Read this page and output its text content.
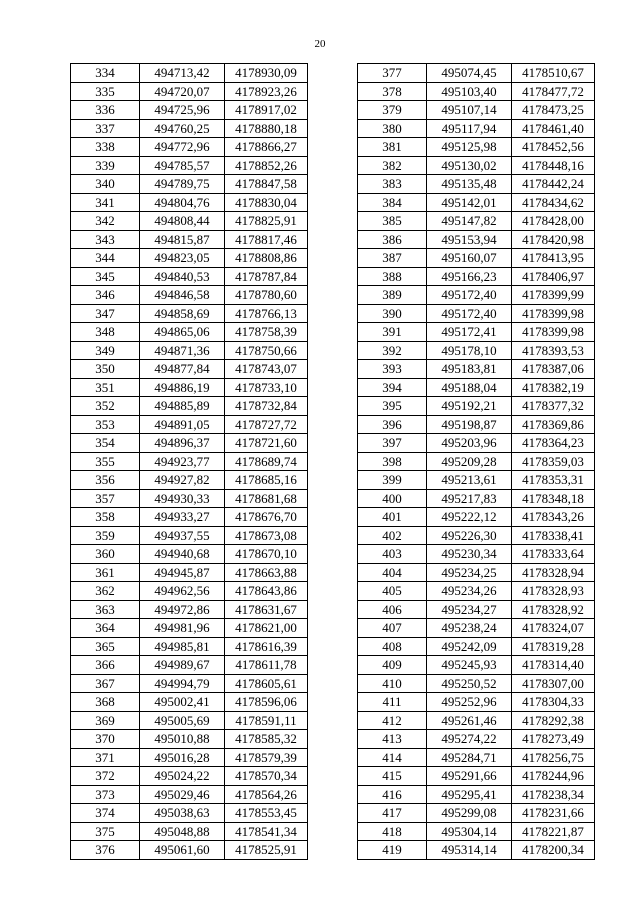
20
334	494713,42	4178930,09
335	494720,07	4178923,26
336	494725,96	4178917,02
337	494760,25	4178880,18
338	494772,96	4178866,27
339	494785,57	4178852,26
340	494789,75	4178847,58
341	494804,76	4178830,04
342	494808,44	4178825,91
343	494815,87	4178817,46
344	494823,05	4178808,86
345	494840,53	4178787,84
346	494846,58	4178780,60
347	494858,69	4178766,13
348	494865,06	4178758,39
349	494871,36	4178750,66
350	494877,84	4178743,07
351	494886,19	4178733,10
352	494885,89	4178732,84
353	494891,05	4178727,72
354	494896,37	4178721,60
355	494923,77	4178689,74
356	494927,82	4178685,16
357	494930,33	4178681,68
358	494933,27	4178676,70
359	494937,55	4178673,08
360	494940,68	4178670,10
361	494945,87	4178663,88
362	494962,56	4178643,86
363	494972,86	4178631,67
364	494981,96	4178621,00
365	494985,81	4178616,39
366	494989,67	4178611,78
367	494994,79	4178605,61
368	495002,41	4178596,06
369	495005,69	4178591,11
370	495010,88	4178585,32
371	495016,28	4178579,39
372	495024,22	4178570,34
373	495029,46	4178564,26
374	495038,63	4178553,45
375	495048,88	4178541,34
376	495061,60	4178525,91
377	495074,45	4178510,67
378	495103,40	4178477,72
379	495107,14	4178473,25
380	495117,94	4178461,40
381	495125,98	4178452,56
382	495130,02	4178448,16
383	495135,48	4178442,24
384	495142,01	4178434,62
385	495147,82	4178428,00
386	495153,94	4178420,98
387	495160,07	4178413,95
388	495166,23	4178406,97
389	495172,40	4178399,99
390	495172,40	4178399,98
391	495172,41	4178399,98
392	495178,10	4178393,53
393	495183,81	4178387,06
394	495188,04	4178382,19
395	495192,21	4178377,32
396	495198,87	4178369,86
397	495203,96	4178364,23
398	495209,28	4178359,03
399	495213,61	4178353,31
400	495217,83	4178348,18
401	495222,12	4178343,26
402	495226,30	4178338,41
403	495230,34	4178333,64
404	495234,25	4178328,94
405	495234,26	4178328,93
406	495234,27	4178328,92
407	495238,24	4178324,07
408	495242,09	4178319,28
409	495245,93	4178314,40
410	495250,52	4178307,00
411	495252,96	4178304,33
412	495261,46	4178292,38
413	495274,22	4178273,49
414	495284,71	4178256,75
415	495291,66	4178244,96
416	495295,41	4178238,34
417	495299,08	4178231,66
418	495304,14	4178221,87
419	495314,14	4178200,34
